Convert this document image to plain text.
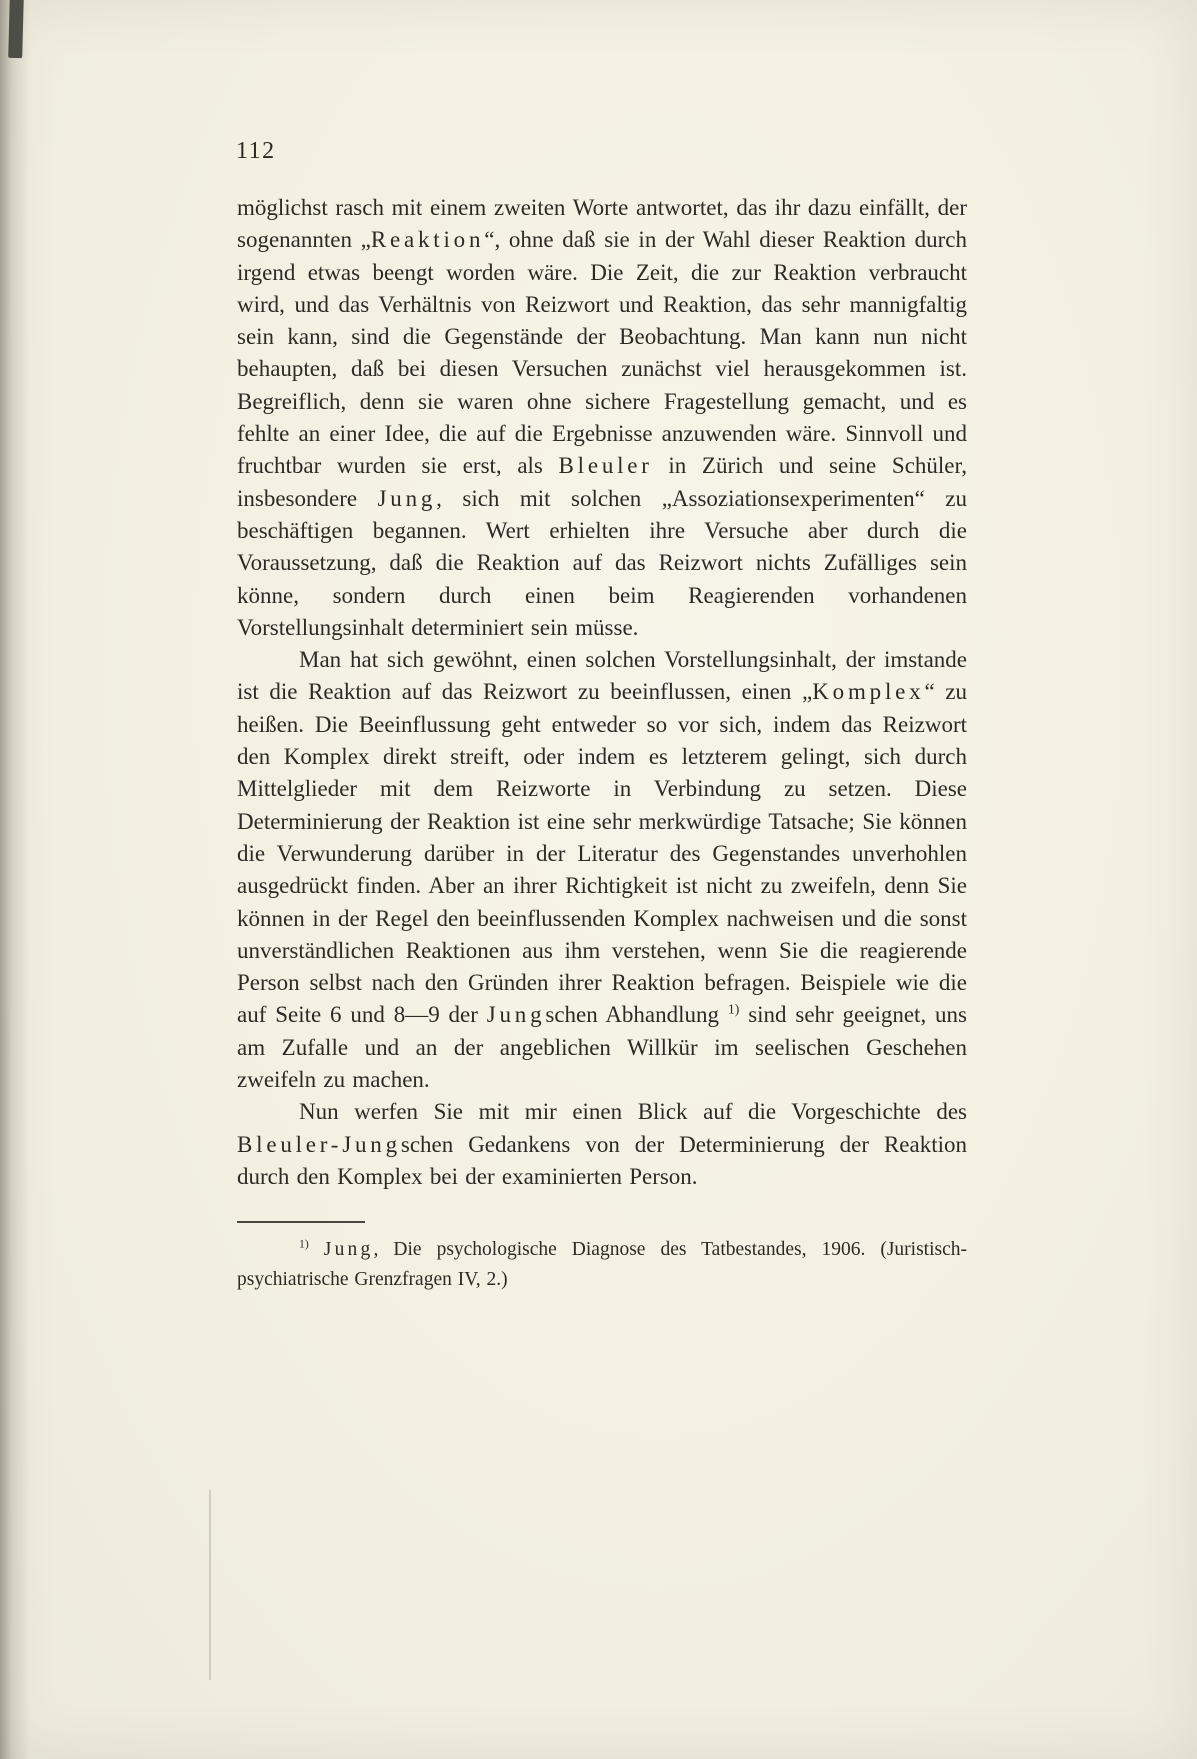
112

möglichst rasch mit einem zweiten Worte antwortet, das ihr dazu einfällt, der sogenannten „Reaktion“, ohne daß sie in der Wahl dieser Reaktion durch irgend etwas beengt worden wäre. Die Zeit, die zur Reaktion verbraucht wird, und das Verhältnis von Reizwort und Reaktion, das sehr mannigfaltig sein kann, sind die Gegenstände der Beobachtung. Man kann nun nicht behaupten, daß bei diesen Versuchen zunächst viel herausgekommen ist. Begreiflich, denn sie waren ohne sichere Fragestellung gemacht, und es fehlte an einer Idee, die auf die Ergebnisse anzuwenden wäre. Sinnvoll und fruchtbar wurden sie erst, als Bleuler in Zürich und seine Schüler, insbesondere Jung, sich mit solchen „Assoziationsexperimenten“ zu beschäftigen begannen. Wert erhielten ihre Versuche aber durch die Voraussetzung, daß die Reaktion auf das Reizwort nichts Zufälliges sein könne, sondern durch einen beim Reagierenden vorhandenen Vorstellungsinhalt determiniert sein müsse.

Man hat sich gewöhnt, einen solchen Vorstellungsinhalt, der imstande ist die Reaktion auf das Reizwort zu beeinflussen, einen „Komplex“ zu heißen. Die Beeinflussung geht entweder so vor sich, indem das Reizwort den Komplex direkt streift, oder indem es letzterem gelingt, sich durch Mittelglieder mit dem Reizworte in Verbindung zu setzen. Diese Determinierung der Reaktion ist eine sehr merkwürdige Tatsache; Sie können die Verwunderung darüber in der Literatur des Gegenstandes unverhohlen ausgedrückt finden. Aber an ihrer Richtigkeit ist nicht zu zweifeln, denn Sie können in der Regel den beeinflussenden Komplex nachweisen und die sonst unverständlichen Reaktionen aus ihm verstehen, wenn Sie die reagierende Person selbst nach den Gründen ihrer Reaktion befragen. Beispiele wie die auf Seite 6 und 8—9 der Jungschen Abhandlung $^{1)}$ sind sehr geeignet, uns am Zufalle und an der angeblichen Willkür im seelischen Geschehen zweifeln zu machen.

Nun werfen Sie mit mir einen Blick auf die Vorgeschichte des Bleuler-Jungschen Gedankens von der Determinierung der Reaktion durch den Komplex bei der examinierten Person.

$^{1)}$ Jung, Die psychologische Diagnose des Tatbestandes, 1906. (Juristisch-psychiatrische Grenzfragen IV, 2.)
